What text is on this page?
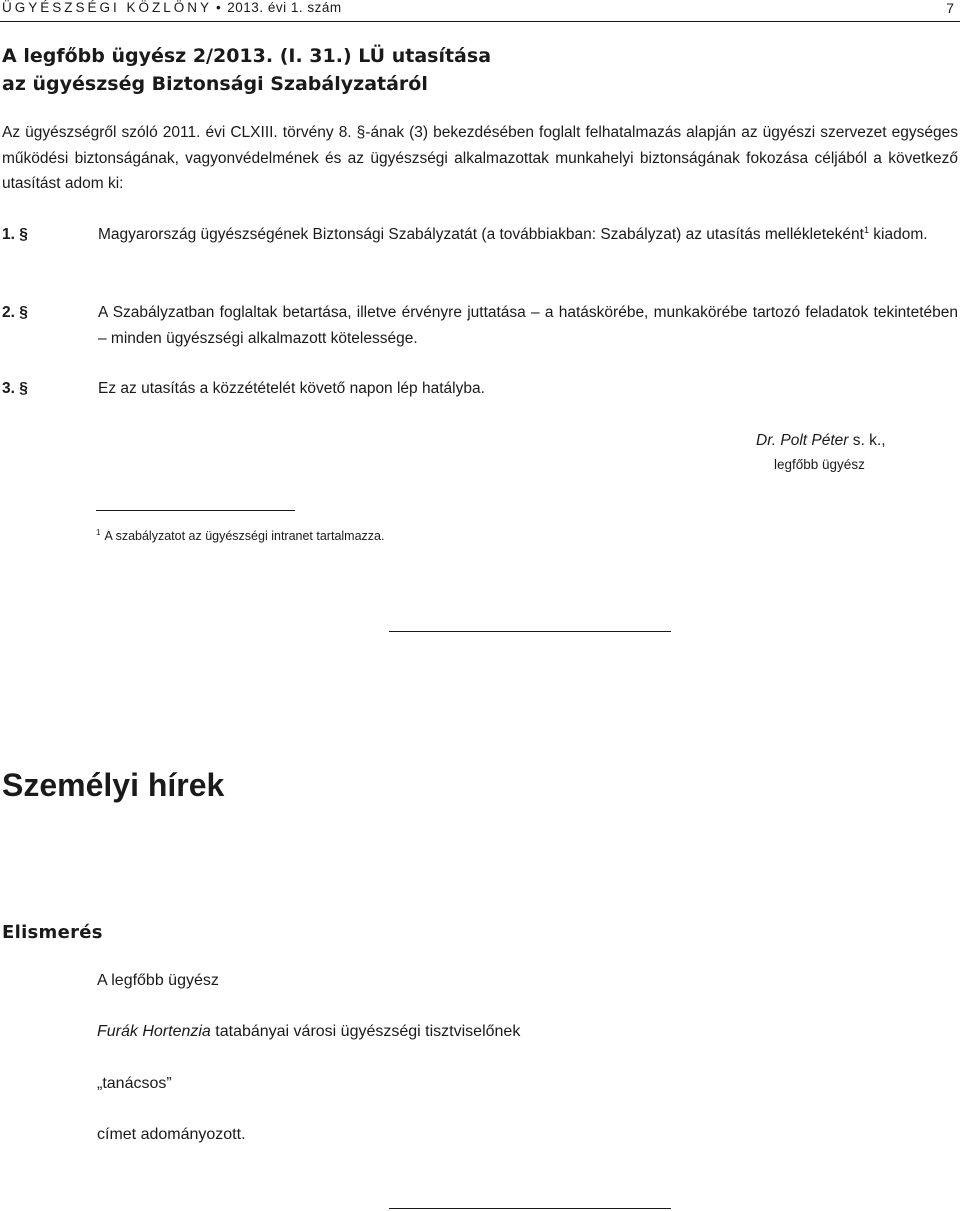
ÜGYÉSZSÉGI KÖZLÖNY • 2013. évi 1. szám	7
A legfőbb ügyész 2/2013. (I. 31.) LÜ utasítása
az ügyészség Biztonsági Szabályzatáról
Az ügyészségről szóló 2011. évi CLXIII. törvény 8. §-ának (3) bekezdésében foglalt felhatalmazás alapján az ügyészi szervezet egységes működési biztonságának, vagyonvédelmének és az ügyészségi alkalmazottak munkahelyi biztonságának fokozása céljából a következő utasítást adom ki:
1. §	Magyarország ügyészségének Biztonsági Szabályzatát (a továbbiakban: Szabályzat) az utasítás mellékleteként$^1$ kiadom.
2. §	A Szabályzatban foglaltak betartása, illetve érvényre juttatása – a hatáskörébe, munkakörébe tartozó feladatok tekintetében – minden ügyészségi alkalmazott kötelessége.
3. §	Ez az utasítás a közzétételét követő napon lép hatályba.
Dr. Polt Péter s. k.,
legfőbb ügyész
$^1$ A szabályzatot az ügyészségi intranet tartalmazza.
Személyi hírek
Elismerés
A legfőbb ügyész
Furák Hortenzia tatabányai városi ügyészségi tisztviselőnek
„tanácsos”
címet adományozott.
